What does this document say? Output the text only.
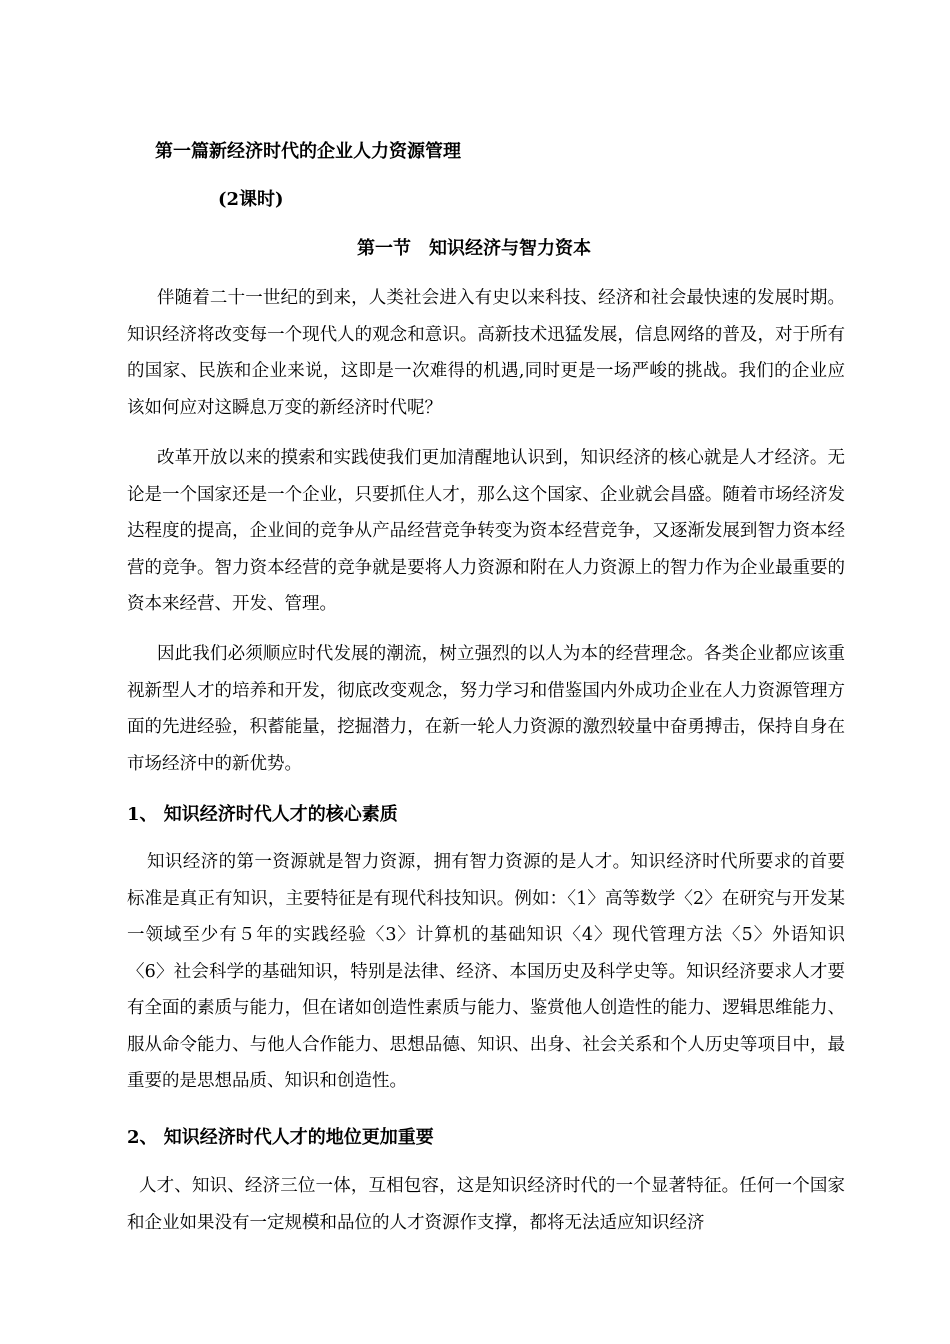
第一篇新经济时代的企业人力资源管理
(2课时)
第一节　知识经济与智力资本

伴随着二十一世纪的到来，人类社会进入有史以来科技、经济和社会最快速的发展时期。知识经济将改变每一个现代人的观念和意识。高新技术迅猛发展，信息网络的普及，对于所有的国家、民族和企业来说，这即是一次难得的机遇,同时更是一场严峻的挑战。我们的企业应该如何应对这瞬息万变的新经济时代呢？

改革开放以来的摸索和实践使我们更加清醒地认识到，知识经济的核心就是人才经济。无论是一个国家还是一个企业，只要抓住人才，那么这个国家、企业就会昌盛。随着市场经济发达程度的提高，企业间的竞争从产品经营竞争转变为资本经营竞争，又逐渐发展到智力资本经营的竞争。智力资本经营的竞争就是要将人力资源和附在人力资源上的智力作为企业最重要的资本来经营、开发、管理。

因此我们必须顺应时代发展的潮流，树立强烈的以人为本的经营理念。各类企业都应该重视新型人才的培养和开发，彻底改变观念，努力学习和借鉴国内外成功企业在人力资源管理方面的先进经验，积蓄能量，挖掘潜力，在新一轮人力资源的激烈较量中奋勇搏击，保持自身在市场经济中的新优势。

1、 知识经济时代人才的核心素质

知识经济的第一资源就是智力资源，拥有智力资源的是人才。知识经济时代所要求的首要标准是真正有知识，主要特征是有现代科技知识。例如：〈1〉高等数学〈2〉在研究与开发某一领域至少有５年的实践经验〈3〉计算机的基础知识〈4〉现代管理方法〈5〉外语知识〈6〉社会科学的基础知识，特别是法律、经济、本国历史及科学史等。知识经济要求人才要有全面的素质与能力，但在诸如创造性素质与能力、鉴赏他人创造性的能力、逻辑思维能力、服从命令能力、与他人合作能力、思想品德、知识、出身、社会关系和个人历史等项目中，最重要的是思想品质、知识和创造性。

2、 知识经济时代人才的地位更加重要

人才、知识、经济三位一体，互相包容，这是知识经济时代的一个显著特征。任何一个国家和企业如果没有一定规模和品位的人才资源作支撑，都将无法适应知识经济
